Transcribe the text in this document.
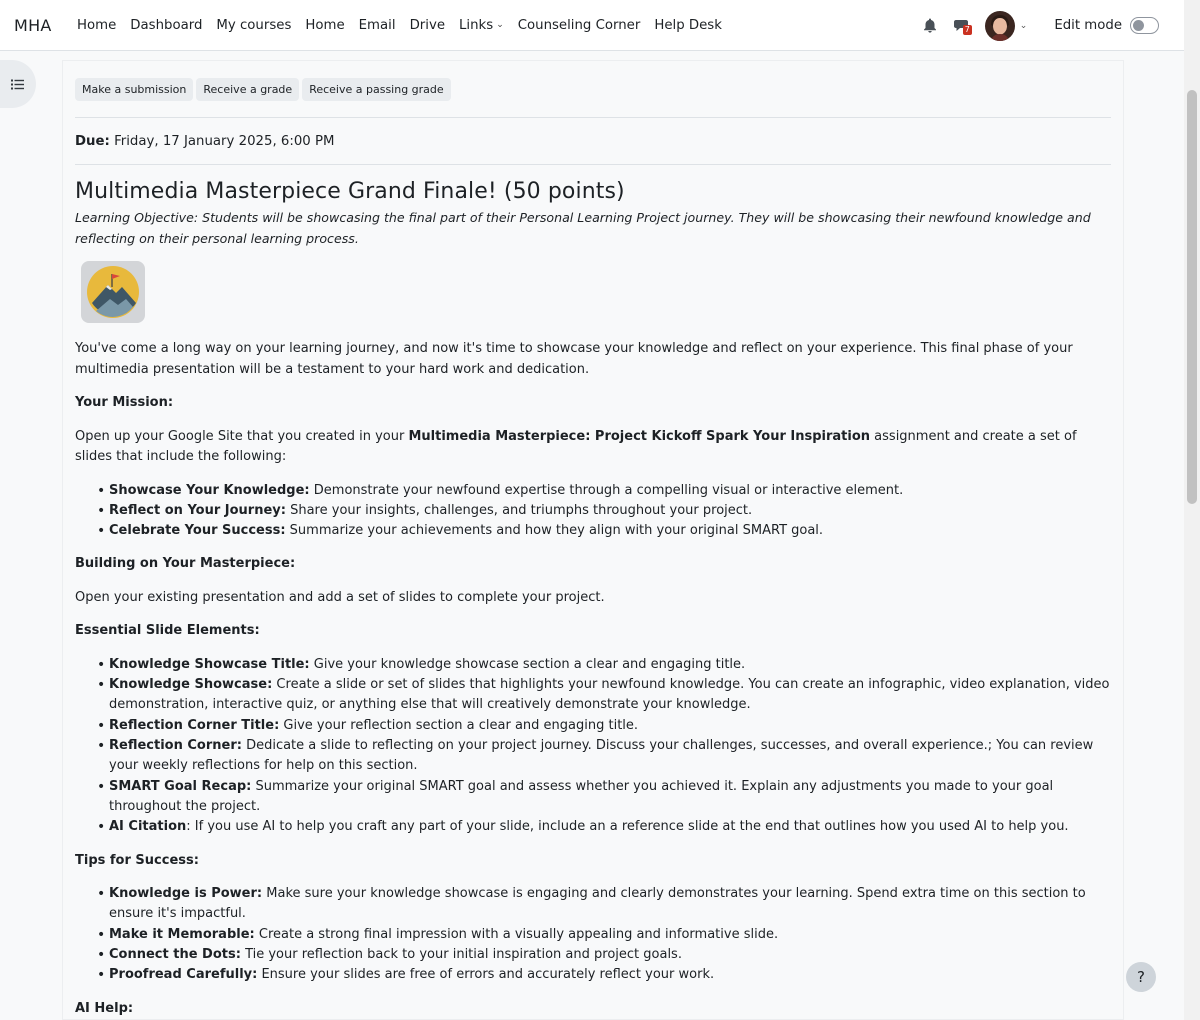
MHA	Home Dashboard My courses Home Email Drive Links ⌄ Counseling Corner Help Desk	7	⌄ Edit mode
Make a submission	Receive a grade	Receive a passing grade
Due: Friday, 17 January 2025, 6:00 PM
Multimedia Masterpiece Grand Finale! (50 points)

Learning Objective: Students will be showcasing the final part of their Personal Learning Project journey. They will be showcasing their newfound knowledge and reflecting on their personal learning process.

You've come a long way on your learning journey, and now it's time to showcase your knowledge and reflect on your experience. This final phase of your multimedia presentation will be a testament to your hard work and dedication.

Your Mission:

Open up your Google Site that you created in your Multimedia Masterpiece: Project Kickoff Spark Your Inspiration assignment and create a set of slides that include the following:

• Showcase Your Knowledge: Demonstrate your newfound expertise through a compelling visual or interactive element.
• Reflect on Your Journey: Share your insights, challenges, and triumphs throughout your project.
• Celebrate Your Success: Summarize your achievements and how they align with your original SMART goal.

Building on Your Masterpiece:

Open your existing presentation and add a set of slides to complete your project.

Essential Slide Elements:

• Knowledge Showcase Title: Give your knowledge showcase section a clear and engaging title.
• Knowledge Showcase: Create a slide or set of slides that highlights your newfound knowledge. You can create an infographic, video explanation, video demonstration, interactive quiz, or anything else that will creatively demonstrate your knowledge.
• Reflection Corner Title: Give your reflection section a clear and engaging title.
• Reflection Corner: Dedicate a slide to reflecting on your project journey. Discuss your challenges, successes, and overall experience.; You can review your weekly reflections for help on this section.
• SMART Goal Recap: Summarize your original SMART goal and assess whether you achieved it. Explain any adjustments you made to your goal throughout the project.
• AI Citation: If you use AI to help you craft any part of your slide, include an a reference slide at the end that outlines how you used AI to help you.

Tips for Success:

• Knowledge is Power: Make sure your knowledge showcase is engaging and clearly demonstrates your learning. Spend extra time on this section to ensure it's impactful.
• Make it Memorable: Create a strong final impression with a visually appealing and informative slide.
• Connect the Dots: Tie your reflection back to your initial inspiration and project goals.
• Proofread Carefully: Ensure your slides are free of errors and accurately reflect your work.

AI Help:

?
